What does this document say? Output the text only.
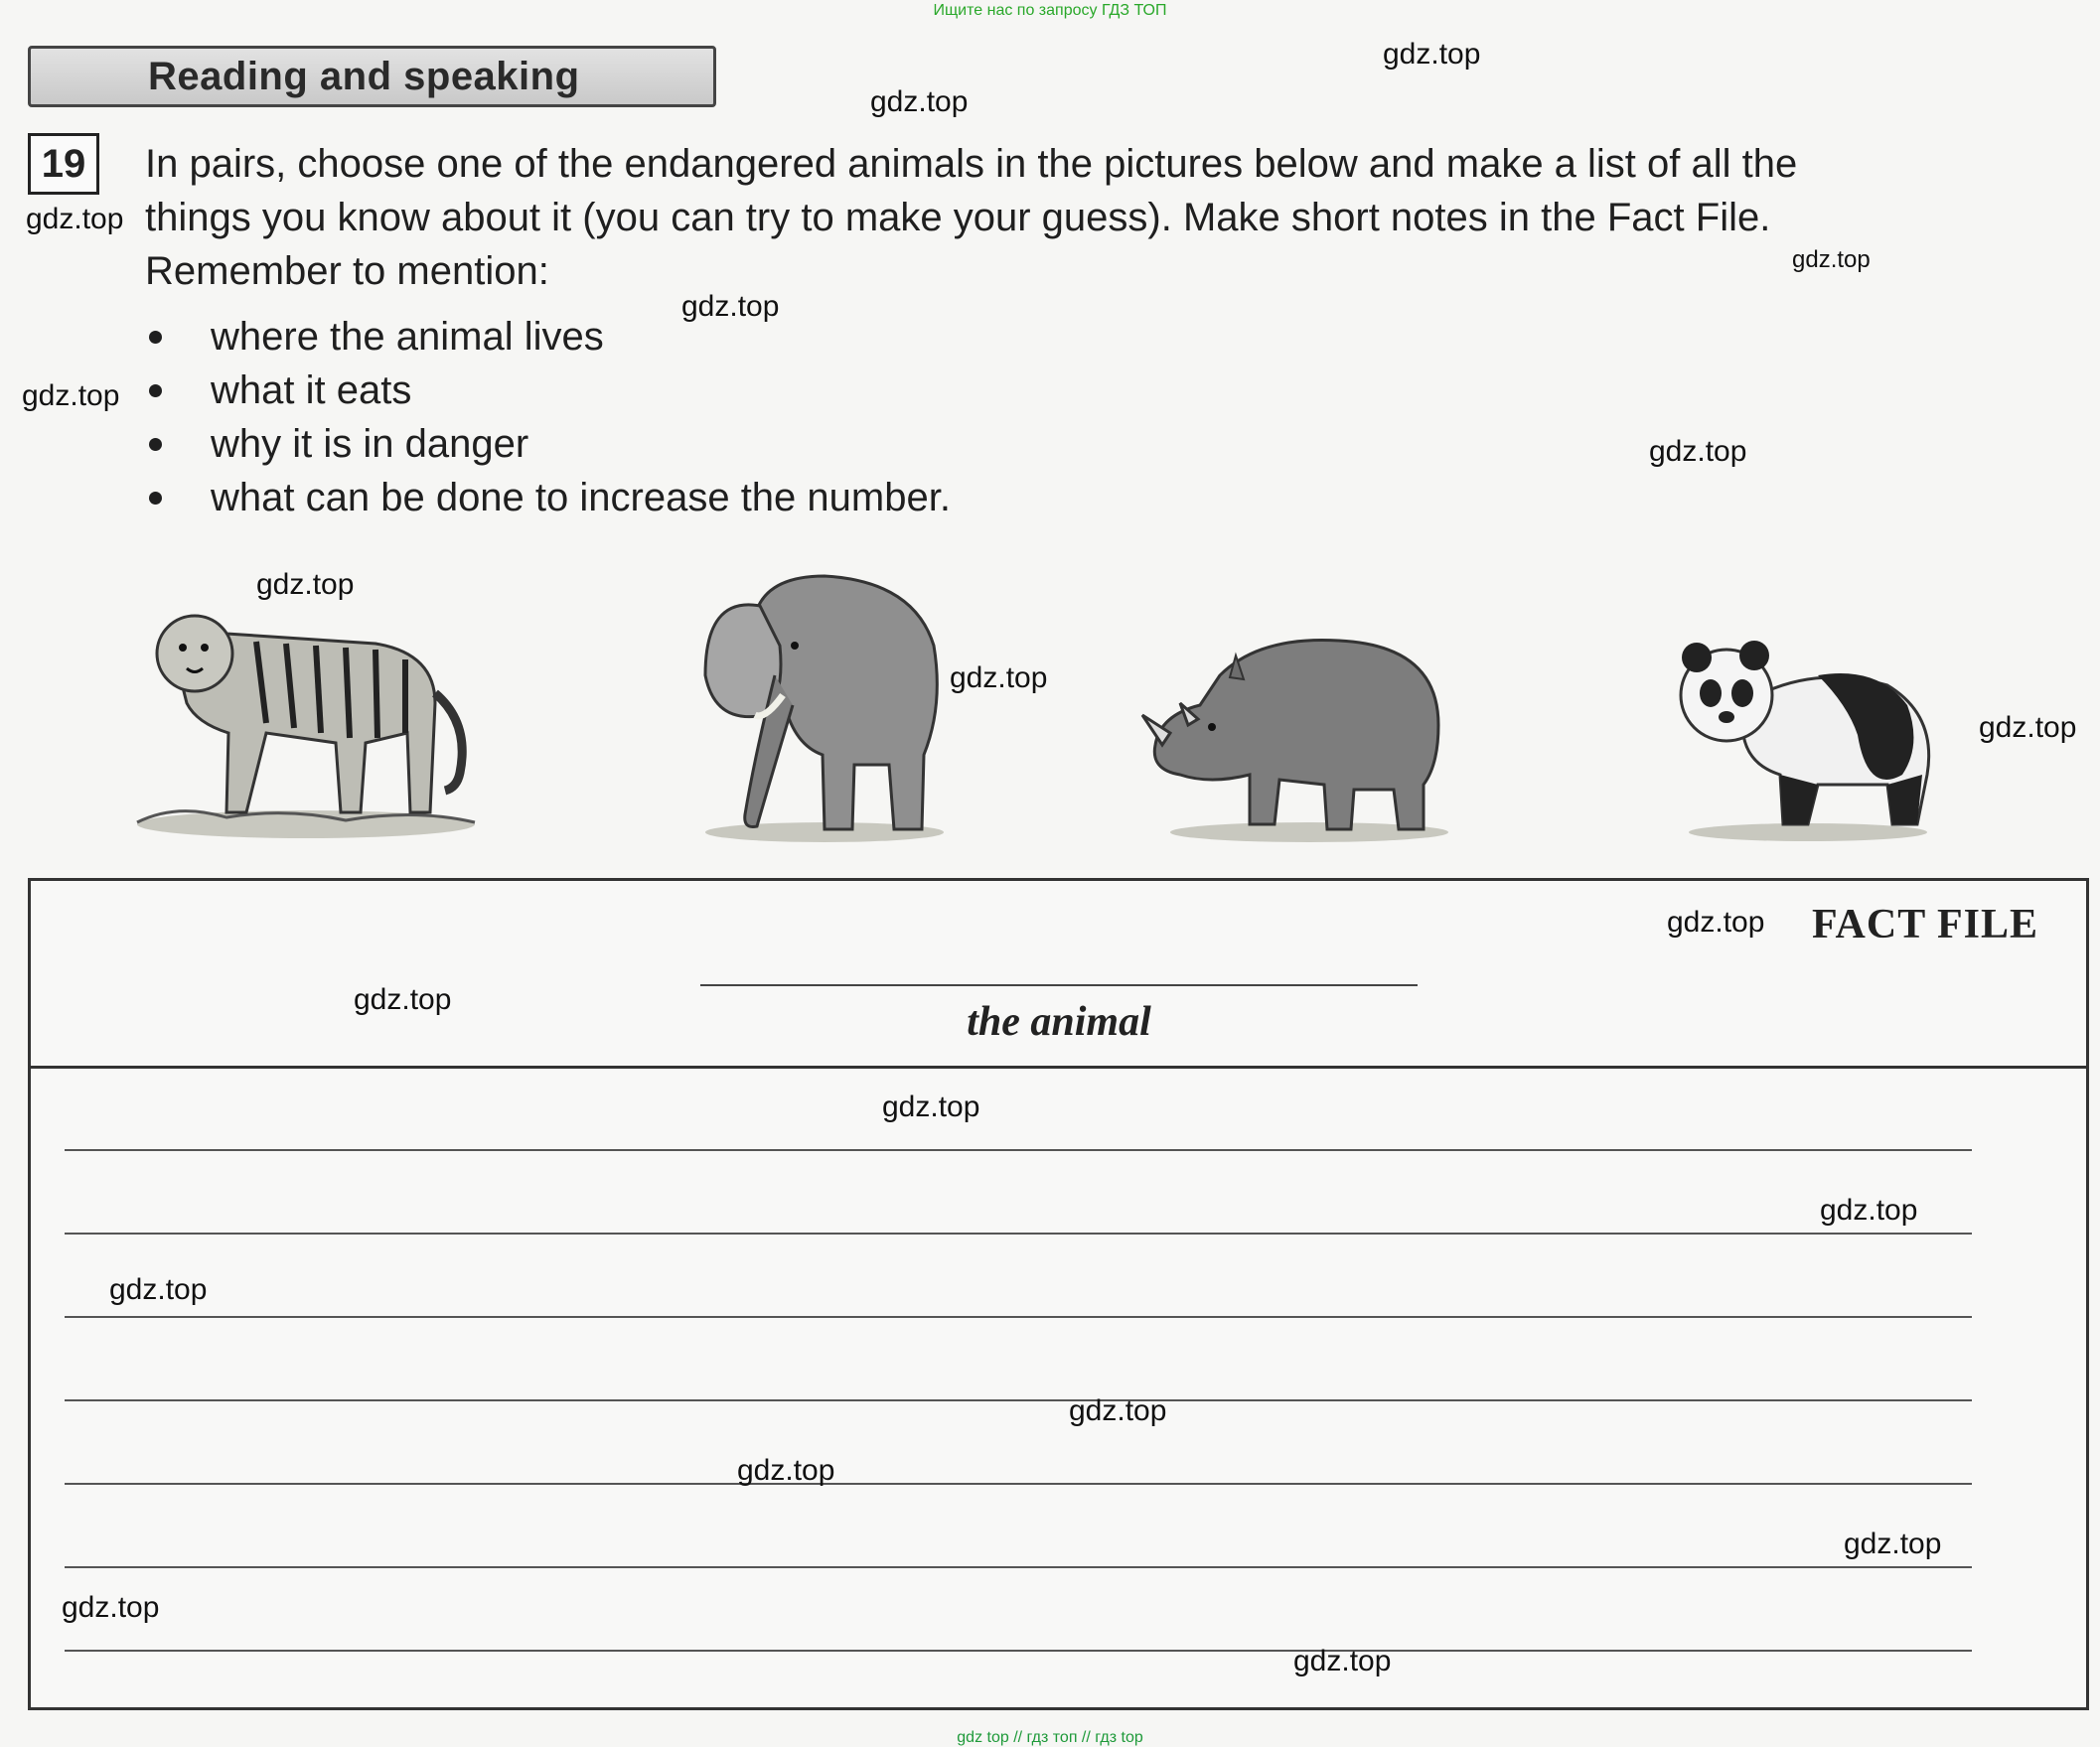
Ищите нас по запросу ГДЗ ТОП
Reading and speaking
19	In pairs, choose one of the endangered animals in the pictures below and make a list of all the

things you know about it (you can try to make your guess). Make short notes in the Fact File.

Remember to mention:

where the animal lives
what it eats
why it is in danger
what can be done to increase the number.
FACT FILE
the animal
gdz.top
gdz.top
gdz.top
gdz.top
gdz.top
gdz.top
gdz.top
gdz.top
gdz.top
gdz.top
gdz.top
gdz.top
gdz.top
gdz.top
gdz.top
gdz.top
gdz.top
gdz.top
gdz.top
gdz.top
gdz top // гдз топ // гдз top
